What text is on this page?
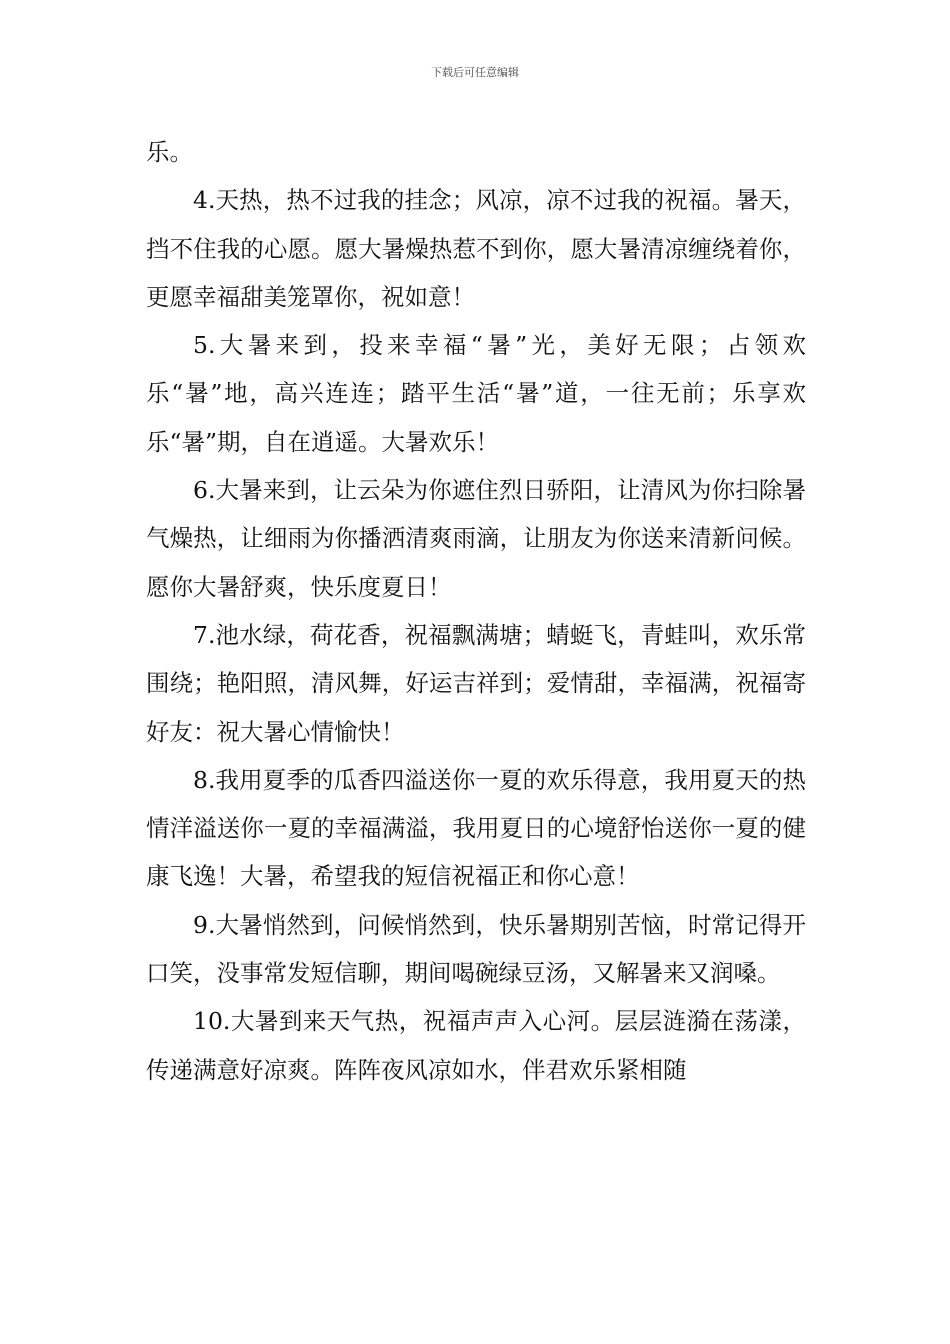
下载后可任意编辑

乐。

4.天热，热不过我的挂念；风凉，凉不过我的祝福。暑天，挡不住我的心愿。愿大暑燥热惹不到你，愿大暑清凉缠绕着你，更愿幸福甜美笼罩你，祝如意！

5.大暑来到，投来幸福“暑”光，美好无限；占领欢乐“暑”地，高兴连连；踏平生活“暑”道，一往无前；乐享欢乐“暑”期，自在逍遥。大暑欢乐！

6.大暑来到，让云朵为你遮住烈日骄阳，让清风为你扫除暑气燥热，让细雨为你播洒清爽雨滴，让朋友为你送来清新问候。愿你大暑舒爽，快乐度夏日！

7.池水绿，荷花香，祝福飘满塘；蜻蜓飞，青蛙叫，欢乐常围绕；艳阳照，清风舞，好运吉祥到；爱情甜，幸福满，祝福寄好友：祝大暑心情愉快！

8.我用夏季的瓜香四溢送你一夏的欢乐得意，我用夏天的热情洋溢送你一夏的幸福满溢，我用夏日的心境舒怡送你一夏的健康飞逸！大暑，希望我的短信祝福正和你心意！

9.大暑悄然到，问候悄然到，快乐暑期别苦恼，时常记得开口笑，没事常发短信聊，期间喝碗绿豆汤，又解暑来又润嗓。

10.大暑到来天气热，祝福声声入心河。层层涟漪在荡漾，传递满意好凉爽。阵阵夜风凉如水，伴君欢乐紧相随
